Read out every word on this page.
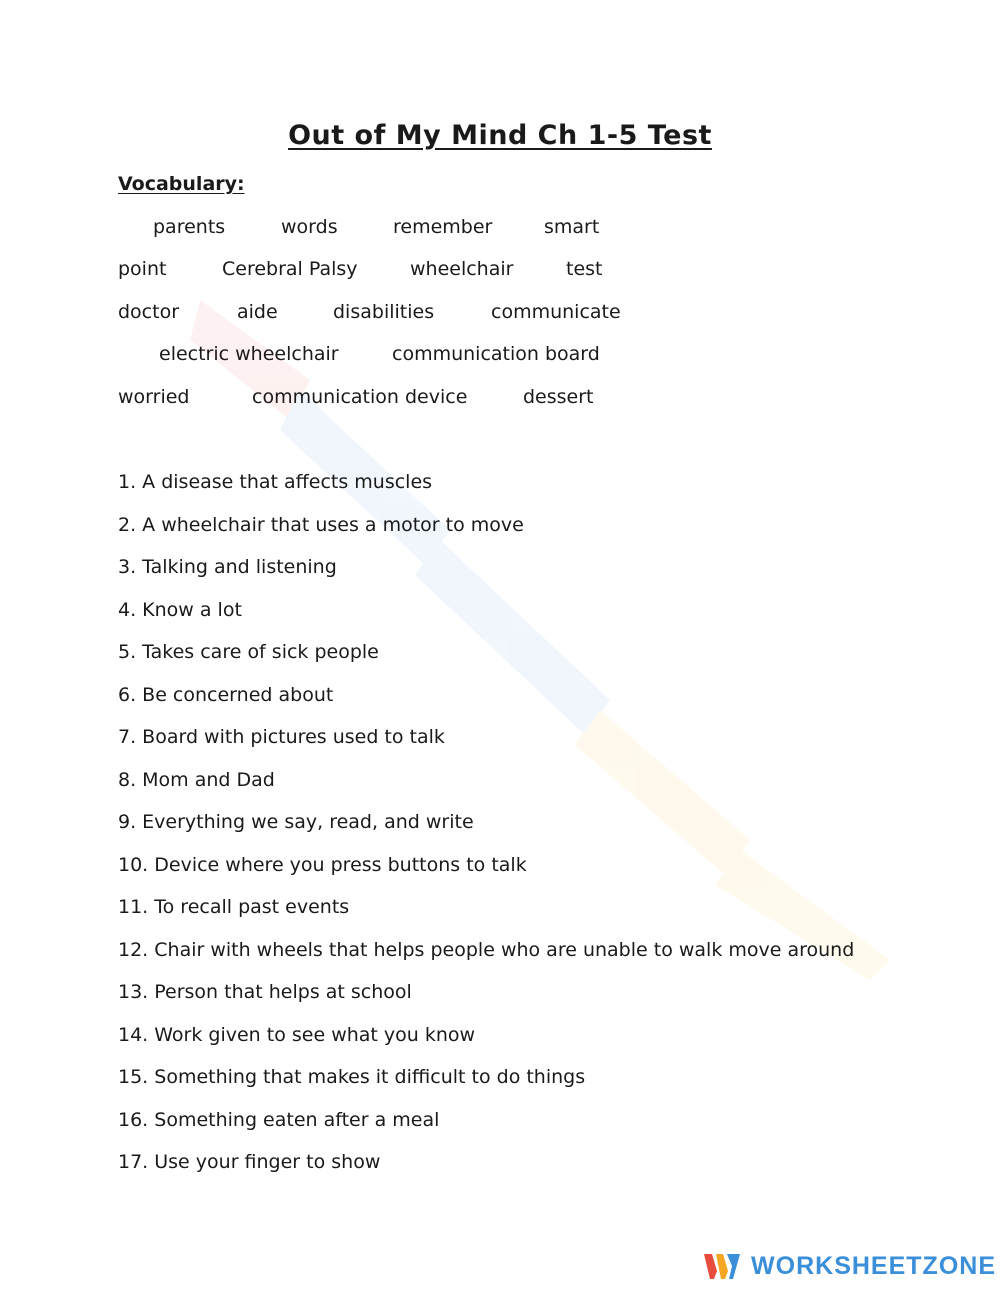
Out of My Mind Ch 1-5 Test
Vocabulary:
parents	words	remember	smart
point	Cerebral Palsy	wheelchair	test
doctor	aide	disabilities	communicate
electric wheelchair	communication board
worried	communication device	dessert
1. A disease that affects muscles
2. A wheelchair that uses a motor to move
3. Talking and listening
4. Know a lot
5. Takes care of sick people
6. Be concerned about
7. Board with pictures used to talk
8. Mom and Dad
9. Everything we say, read, and write
10. Device where you press buttons to talk
11. To recall past events
12. Chair with wheels that helps people who are unable to walk move around
13. Person that helps at school
14. Work given to see what you know
15. Something that makes it difficult to do things
16. Something eaten after a meal
17. Use your finger to show
WORKSHEETZONE
